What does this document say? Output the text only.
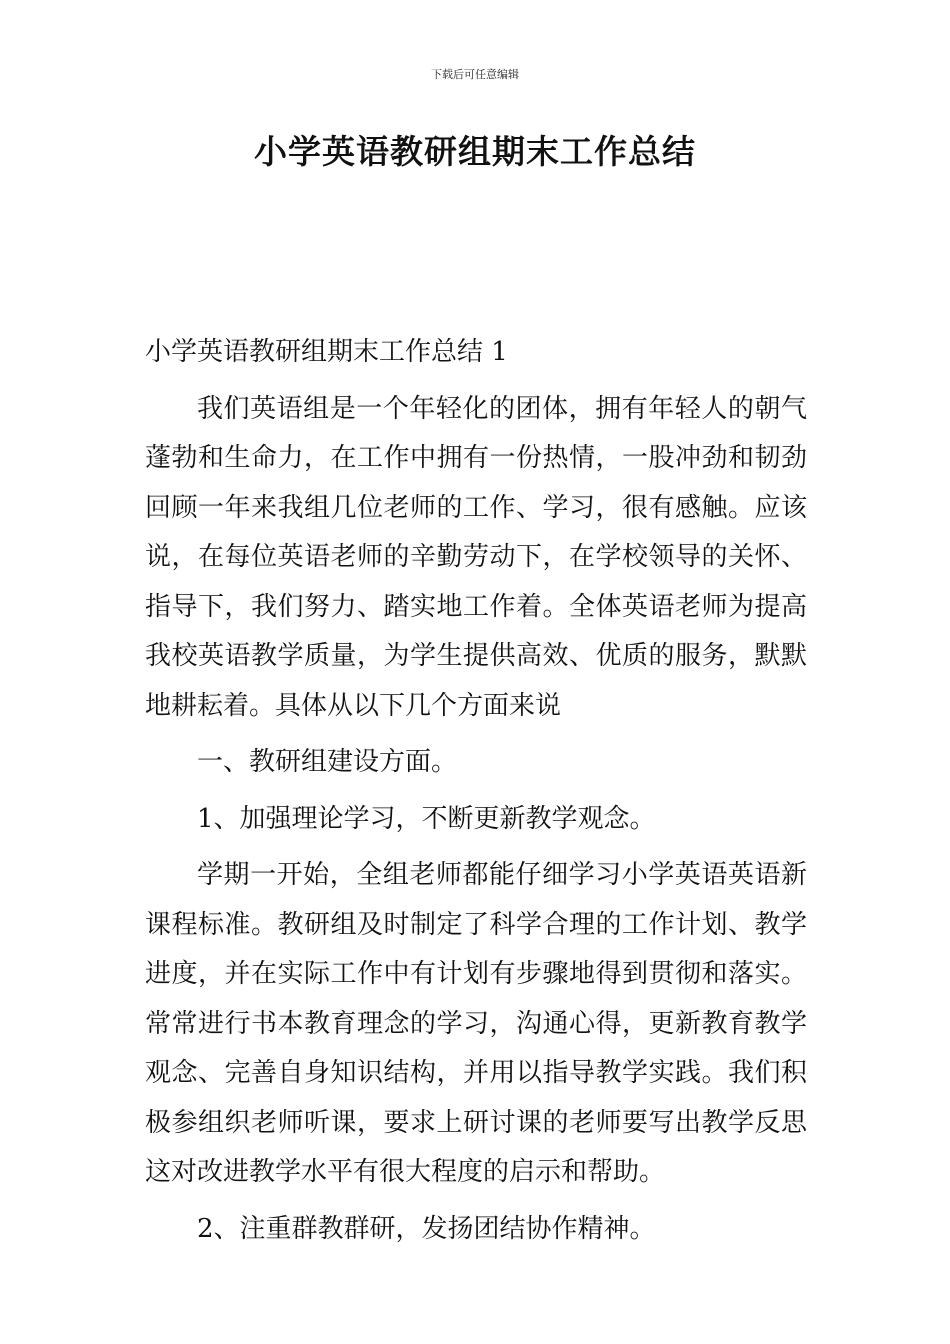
下载后可任意编辑
小学英语教研组期末工作总结

小学英语教研组期末工作总结 1

我们英语组是一个年轻化的团体，拥有年轻人的朝气蓬勃和生命力，在工作中拥有一份热情，一股冲劲和韧劲回顾一年来我组几位老师的工作、学习，很有感触。应该说，在每位英语老师的辛勤劳动下，在学校领导的关怀、指导下，我们努力、踏实地工作着。全体英语老师为提高我校英语教学质量，为学生提供高效、优质的服务，默默地耕耘着。具体从以下几个方面来说

一、教研组建设方面。

1、加强理论学习，不断更新教学观念。

学期一开始，全组老师都能仔细学习小学英语英语新课程标准。教研组及时制定了科学合理的工作计划、教学进度，并在实际工作中有计划有步骤地得到贯彻和落实。常常进行书本教育理念的学习，沟通心得，更新教育教学观念、完善自身知识结构，并用以指导教学实践。我们积极参组织老师听课，要求上研讨课的老师要写出教学反思这对改进教学水平有很大程度的启示和帮助。

2、注重群教群研，发扬团结协作精神。
